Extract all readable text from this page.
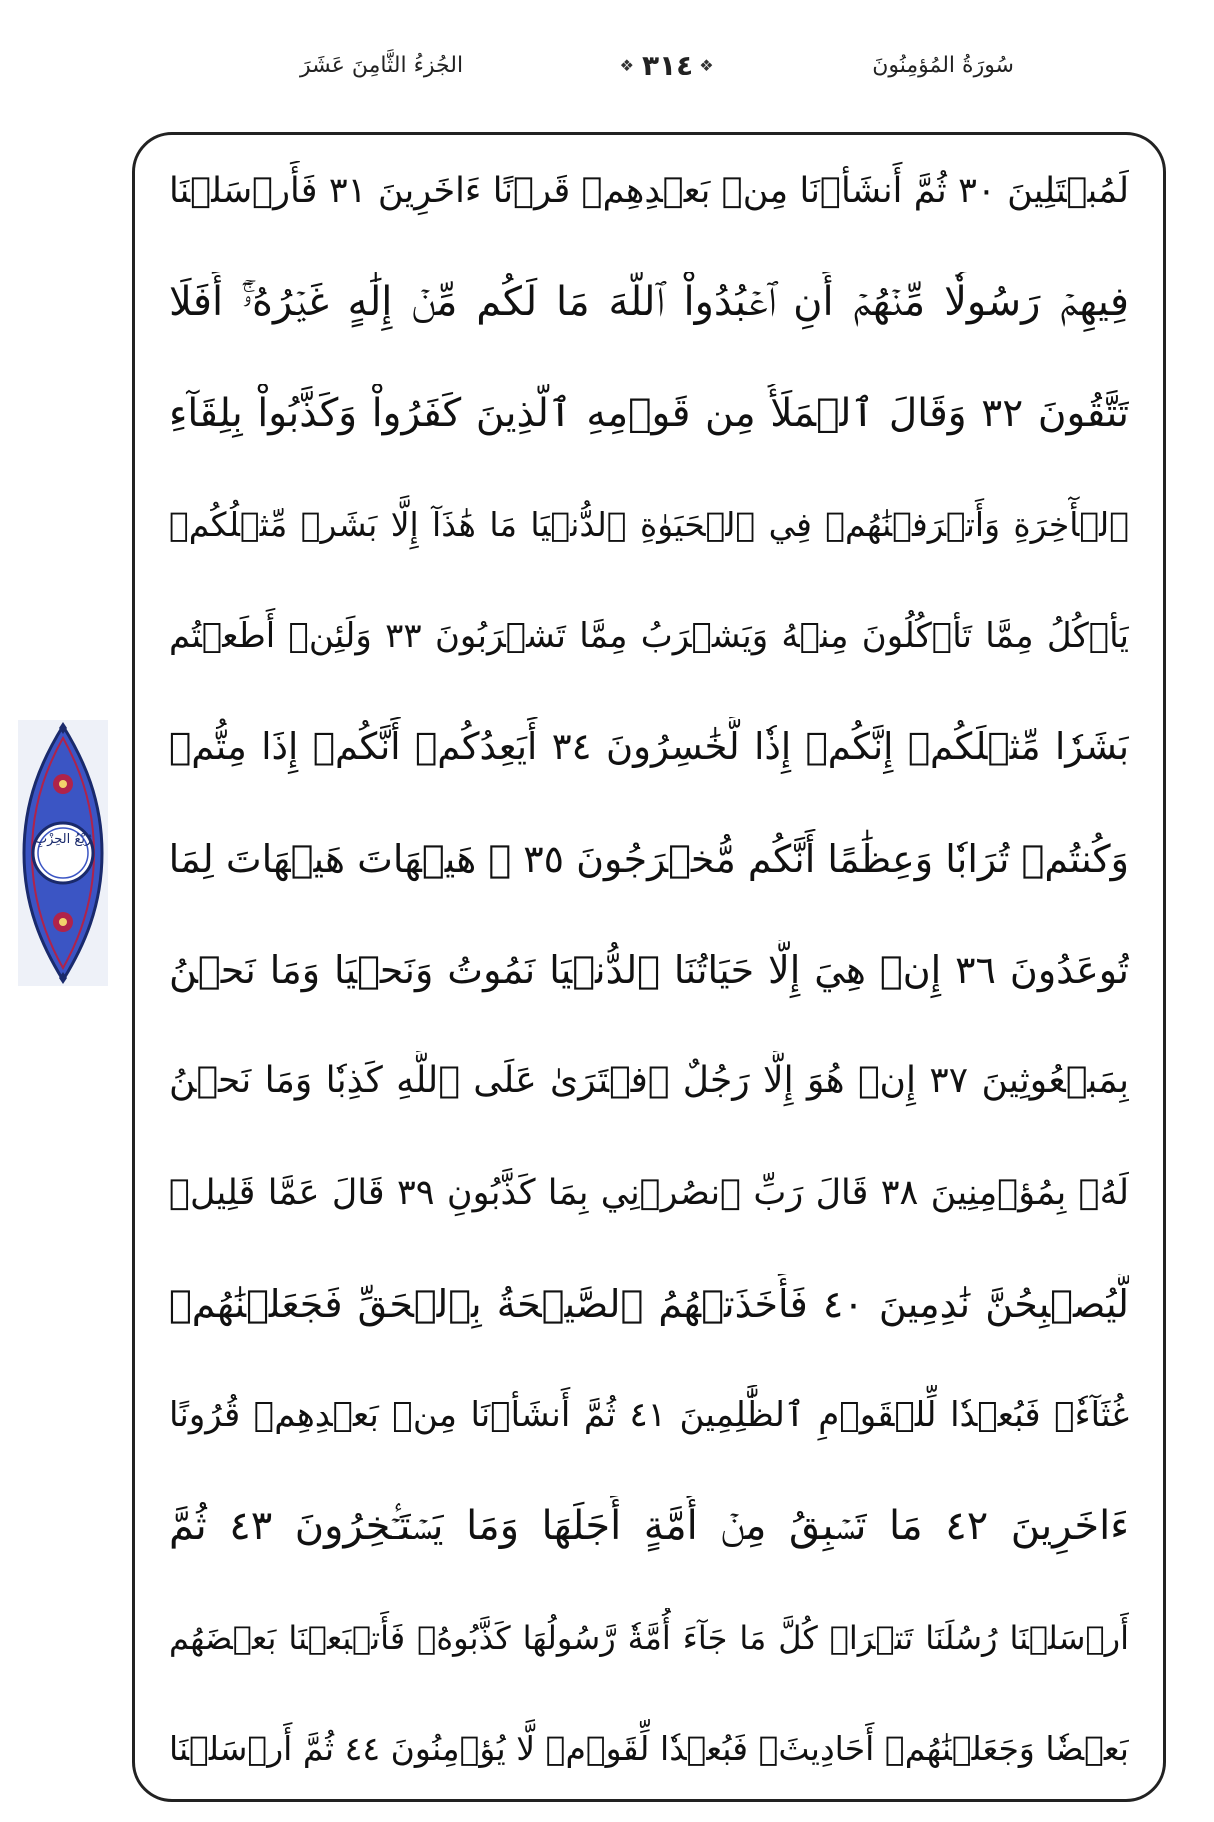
الجُزءُ الثَّامِنَ عَشَرَ	❖
٣١٤
❖	سُورَةُ المُؤمِنُونَ
رُبْعُ الحِزْبِ
لَمُبۡتَلِينَ ٣٠ ثُمَّ أَنشَأۡنَا مِنۢ بَعۡدِهِمۡ قَرۡنًا ءَاخَرِينَ ٣١ فَأَرۡسَلۡنَا
فِيهِمۡ رَسُولٗا مِّنۡهُمۡ أَنِ ٱعۡبُدُواْ ٱللَّهَ مَا لَكُم مِّنۡ إِلَٰهٍ غَيۡرُهُۥٓۚ أَفَلَا
تَتَّقُونَ ٣٢ وَقَالَ ٱلۡمَلَأُ مِن قَوۡمِهِ ٱلَّذِينَ كَفَرُواْ وَكَذَّبُواْ بِلِقَآءِ
ٱلۡأٓخِرَةِ وَأَتۡرَفۡنَٰهُمۡ فِي ٱلۡحَيَوٰةِ ٱلدُّنۡيَا مَا هَٰذَآ إِلَّا بَشَرٞ مِّثۡلُكُمۡ
يَأۡكُلُ مِمَّا تَأۡكُلُونَ مِنۡهُ وَيَشۡرَبُ مِمَّا تَشۡرَبُونَ ٣٣ وَلَئِنۡ أَطَعۡتُم
بَشَرٗا مِّثۡلَكُمۡ إِنَّكُمۡ إِذٗا لَّخَٰسِرُونَ ٣٤ أَيَعِدُكُمۡ أَنَّكُمۡ إِذَا مِتُّمۡ
وَكُنتُمۡ تُرَابٗا وَعِظَٰمًا أَنَّكُم مُّخۡرَجُونَ ٣٥ ۞ هَيۡهَاتَ هَيۡهَاتَ لِمَا
تُوعَدُونَ ٣٦ إِنۡ هِيَ إِلَّا حَيَاتُنَا ٱلدُّنۡيَا نَمُوتُ وَنَحۡيَا وَمَا نَحۡنُ
بِمَبۡعُوثِينَ ٣٧ إِنۡ هُوَ إِلَّا رَجُلٌ ٱفۡتَرَىٰ عَلَى ٱللَّهِ كَذِبٗا وَمَا نَحۡنُ
لَهُۥ بِمُؤۡمِنِينَ ٣٨ قَالَ رَبِّ ٱنصُرۡنِي بِمَا كَذَّبُونِ ٣٩ قَالَ عَمَّا قَلِيلٖ
لَّيُصۡبِحُنَّ نَٰدِمِينَ ٤٠ فَأَخَذَتۡهُمُ ٱلصَّيۡحَةُ بِٱلۡحَقِّ فَجَعَلۡنَٰهُمۡ
غُثَآءٗۚ فَبُعۡدٗا لِّلۡقَوۡمِ ٱلظَّٰلِمِينَ ٤١ ثُمَّ أَنشَأۡنَا مِنۢ بَعۡدِهِمۡ قُرُونًا
ءَاخَرِينَ ٤٢ مَا تَسۡبِقُ مِنۡ أُمَّةٍ أَجَلَهَا وَمَا يَسۡتَـٔۡخِرُونَ ٤٣ ثُمَّ
أَرۡسَلۡنَا رُسُلَنَا تَتۡرَاۖ كُلَّ مَا جَآءَ أُمَّةٗ رَّسُولُهَا كَذَّبُوهُۖ فَأَتۡبَعۡنَا بَعۡضَهُم
بَعۡضٗا وَجَعَلۡنَٰهُمۡ أَحَادِيثَۚ فَبُعۡدٗا لِّقَوۡمٖ لَّا يُؤۡمِنُونَ ٤٤ ثُمَّ أَرۡسَلۡنَا
